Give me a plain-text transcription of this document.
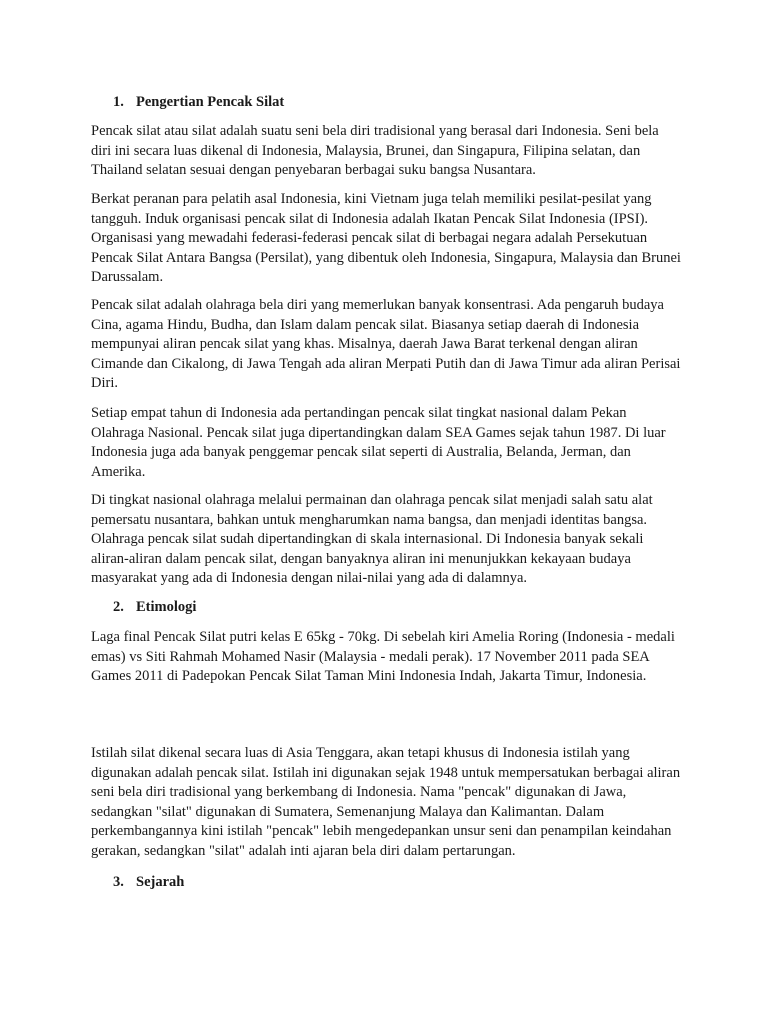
1. Pengertian Pencak Silat

Pencak silat atau silat adalah suatu seni bela diri tradisional yang berasal dari Indonesia. Seni bela diri ini secara luas dikenal di Indonesia, Malaysia, Brunei, dan Singapura, Filipina selatan, dan Thailand selatan sesuai dengan penyebaran berbagai suku bangsa Nusantara.

Berkat peranan para pelatih asal Indonesia, kini Vietnam juga telah memiliki pesilat-pesilat yang tangguh. Induk organisasi pencak silat di Indonesia adalah Ikatan Pencak Silat Indonesia (IPSI). Organisasi yang mewadahi federasi-federasi pencak silat di berbagai negara adalah Persekutuan Pencak Silat Antara Bangsa (Persilat), yang dibentuk oleh Indonesia, Singapura, Malaysia dan Brunei Darussalam.

Pencak silat adalah olahraga bela diri yang memerlukan banyak konsentrasi. Ada pengaruh budaya Cina, agama Hindu, Budha, dan Islam dalam pencak silat. Biasanya setiap daerah di Indonesia mempunyai aliran pencak silat yang khas. Misalnya, daerah Jawa Barat terkenal dengan aliran Cimande dan Cikalong, di Jawa Tengah ada aliran Merpati Putih dan di Jawa Timur ada aliran Perisai Diri.

Setiap empat tahun di Indonesia ada pertandingan pencak silat tingkat nasional dalam Pekan Olahraga Nasional. Pencak silat juga dipertandingkan dalam SEA Games sejak tahun 1987. Di luar Indonesia juga ada banyak penggemar pencak silat seperti di Australia, Belanda, Jerman, dan Amerika.

Di tingkat nasional olahraga melalui permainan dan olahraga pencak silat menjadi salah satu alat pemersatu nusantara, bahkan untuk mengharumkan nama bangsa, dan menjadi identitas bangsa. Olahraga pencak silat sudah dipertandingkan di skala internasional. Di Indonesia banyak sekali aliran-aliran dalam pencak silat, dengan banyaknya aliran ini menunjukkan kekayaan budaya masyarakat yang ada di Indonesia dengan nilai-nilai yang ada di dalamnya.

2. Etimologi

Laga final Pencak Silat putri kelas E 65kg - 70kg. Di sebelah kiri Amelia Roring (Indonesia - medali emas) vs Siti Rahmah Mohamed Nasir (Malaysia - medali perak). 17 November 2011 pada SEA Games 2011 di Padepokan Pencak Silat Taman Mini Indonesia Indah, Jakarta Timur, Indonesia.

Istilah silat dikenal secara luas di Asia Tenggara, akan tetapi khusus di Indonesia istilah yang digunakan adalah pencak silat. Istilah ini digunakan sejak 1948 untuk mempersatukan berbagai aliran seni bela diri tradisional yang berkembang di Indonesia. Nama "pencak" digunakan di Jawa, sedangkan "silat" digunakan di Sumatera, Semenanjung Malaya dan Kalimantan. Dalam perkembangannya kini istilah "pencak" lebih mengedepankan unsur seni dan penampilan keindahan gerakan, sedangkan "silat" adalah inti ajaran bela diri dalam pertarungan.

3. Sejarah
